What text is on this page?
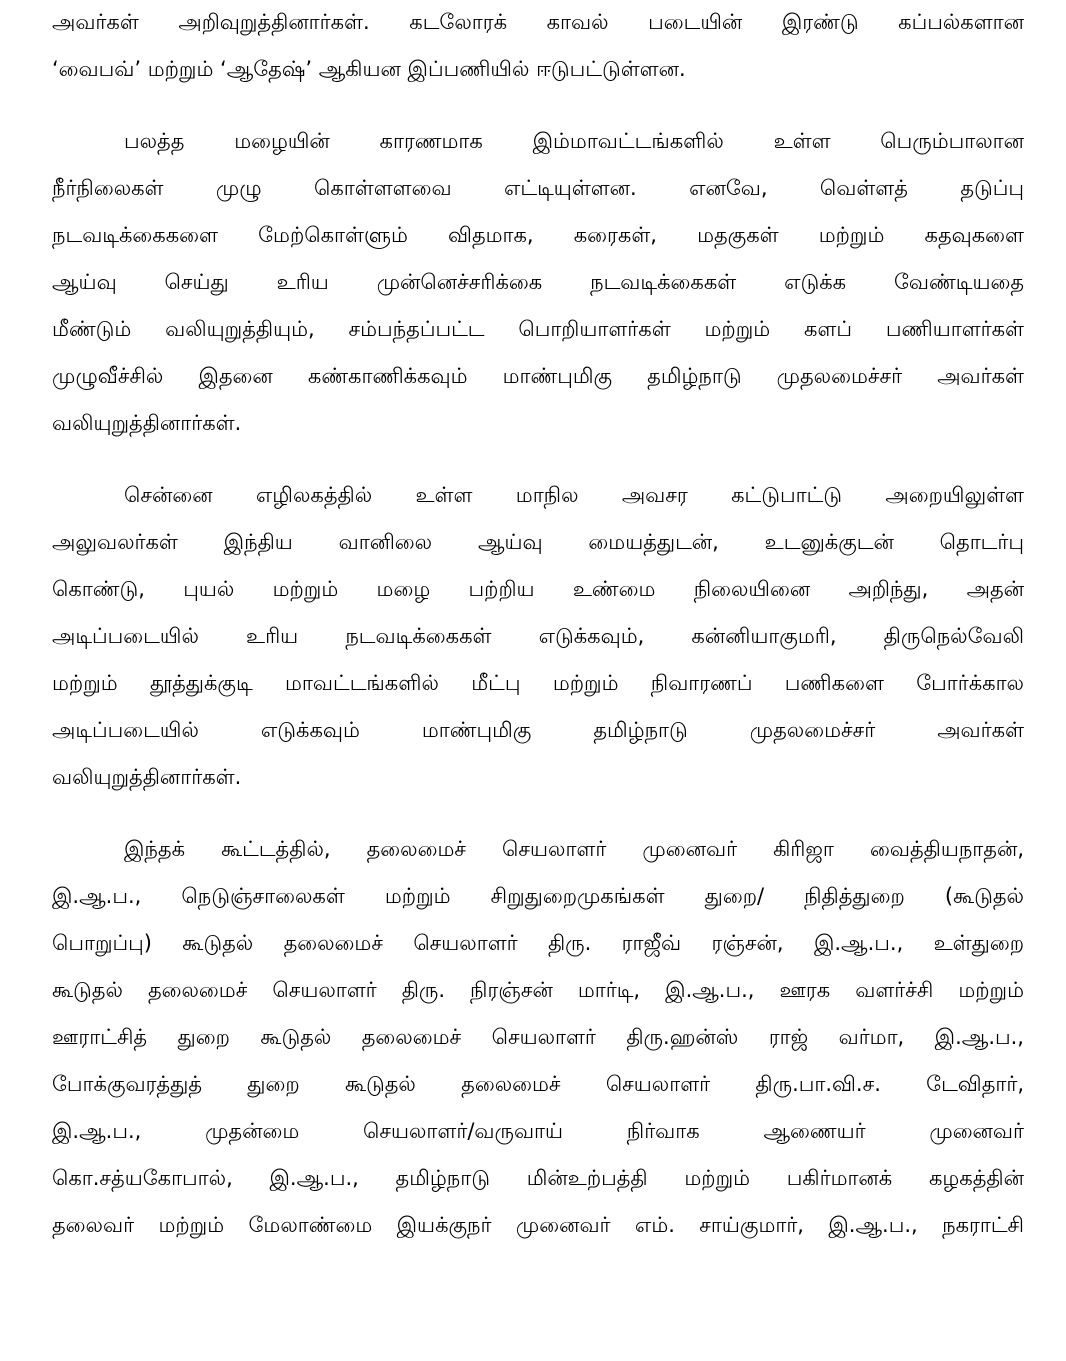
அவர்கள் அறிவுறுத்தினார்கள். கடலோரக் காவல் படையின் இரண்டு கப்பல்களான
‘வைபவ்’ மற்றும் ‘ஆதேஷ்’ ஆகியன இப்பணியில் ஈடுபட்டுள்ளன.
பலத்த மழையின் காரணமாக இம்மாவட்டங்களில் உள்ள பெரும்பாலான
நீர்நிலைகள் முழு கொள்ளளவை எட்டியுள்ளன. எனவே, வெள்ளத் தடுப்பு
நடவடிக்கைகளை மேற்கொள்ளும் விதமாக, கரைகள், மதகுகள் மற்றும் கதவுகளை
ஆய்வு செய்து உரிய முன்னெச்சரிக்கை நடவடிக்கைகள் எடுக்க வேண்டியதை
மீண்டும் வலியுறுத்தியும், சம்பந்தப்பட்ட பொறியாளர்கள் மற்றும் களப் பணியாளர்கள்
முழுவீச்சில் இதனை கண்காணிக்கவும் மாண்புமிகு தமிழ்நாடு முதலமைச்சர் அவர்கள்
வலியுறுத்தினார்கள்.
சென்னை எழிலகத்தில் உள்ள மாநில அவசர கட்டுபாட்டு அறையிலுள்ள
அலுவலர்கள் இந்திய வானிலை ஆய்வு மையத்துடன், உடனுக்குடன் தொடர்பு
கொண்டு, புயல் மற்றும் மழை பற்றிய உண்மை நிலையினை அறிந்து, அதன்
அடிப்படையில் உரிய நடவடிக்கைகள் எடுக்கவும், கன்னியாகுமரி, திருநெல்வேலி
மற்றும் தூத்துக்குடி மாவட்டங்களில் மீட்பு மற்றும் நிவாரணப் பணிகளை போர்க்கால
அடிப்படையில் எடுக்கவும் மாண்புமிகு தமிழ்நாடு முதலமைச்சர் அவர்கள்
வலியுறுத்தினார்கள்.
இந்தக் கூட்டத்தில், தலைமைச் செயலாளர் முனைவர் கிரிஜா வைத்தியநாதன்,
இ.ஆ.ப., நெடுஞ்சாலைகள் மற்றும் சிறுதுறைமுகங்கள் துறை/ நிதித்துறை (கூடுதல்
பொறுப்பு) கூடுதல் தலைமைச் செயலாளர் திரு. ராஜீவ் ரஞ்சன், இ.ஆ.ப., உள்துறை
கூடுதல் தலைமைச் செயலாளர் திரு. நிரஞ்சன் மார்டி, இ.ஆ.ப., ஊரக வளர்ச்சி மற்றும்
ஊராட்சித் துறை கூடுதல் தலைமைச் செயலாளர் திரு.ஹன்ஸ் ராஜ் வர்மா, இ.ஆ.ப.,
போக்குவரத்துத் துறை கூடுதல் தலைமைச் செயலாளர் திரு.பா.வி.ச. டேவிதார்,
இ.ஆ.ப., முதன்மை செயலாளர்/வருவாய் நிர்வாக ஆணையர் முனைவர்
கொ.சத்யகோபால், இ.ஆ.ப., தமிழ்நாடு மின்உற்பத்தி மற்றும் பகிர்மானக் கழகத்தின்
தலைவர் மற்றும் மேலாண்மை இயக்குநர் முனைவர் எம். சாய்குமார், இ.ஆ.ப., நகராட்சி
